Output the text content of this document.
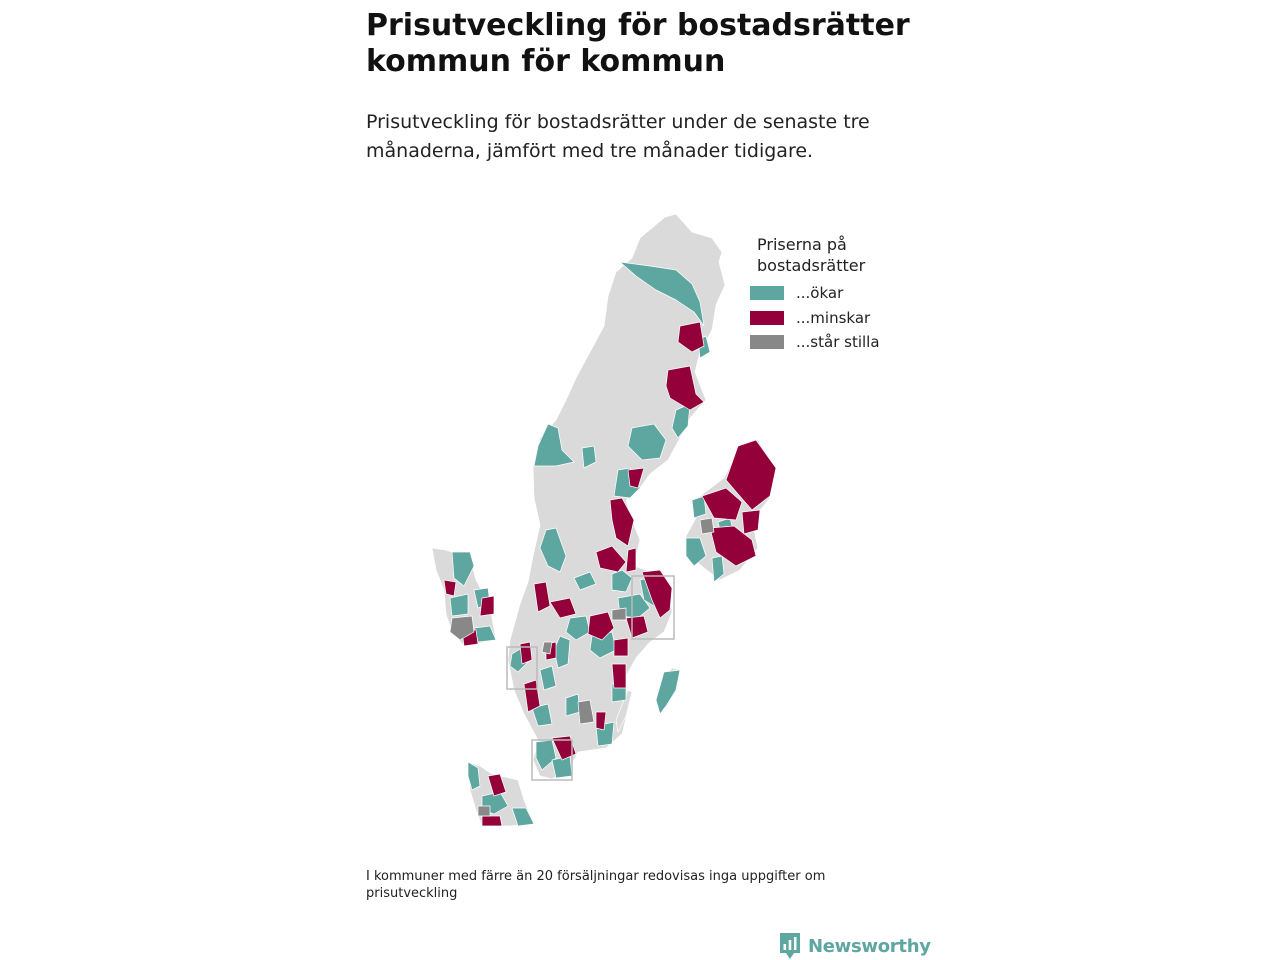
Prisutveckling för bostadsrätter kommun för kommun

Prisutveckling för bostadsrätter under de senaste tre månaderna, jämfört med tre månader tidigare.

Priserna på bostadsrätter
...ökar
...minskar
...står stilla

I kommuner med färre än 20 försäljningar redovisas inga uppgifter om prisutveckling

Newsworthy
